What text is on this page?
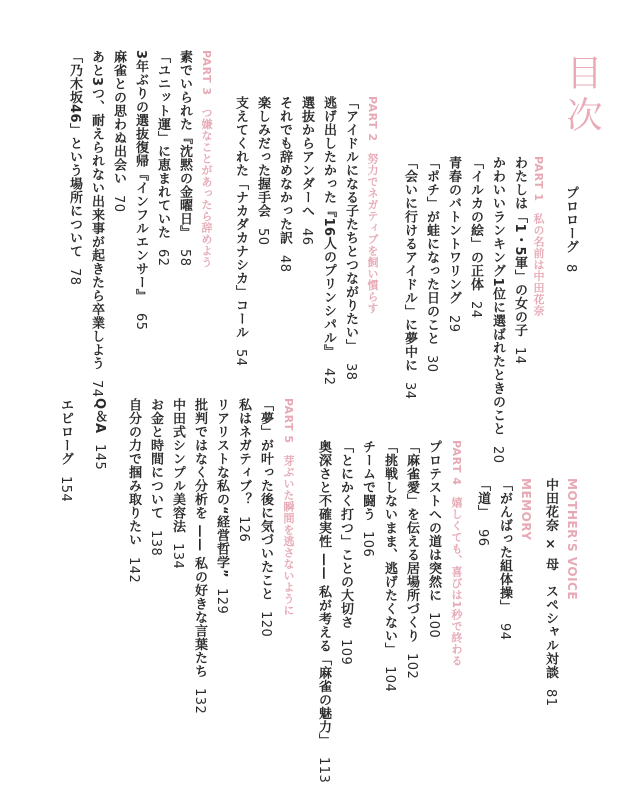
目次
プロローグ8
PART 1　私の名前は中田花奈
わたしは「1・5軍」の女の子14
かわいいランキング1位に選ばれたときのこと20
「イルカの絵」の正体24
青春のバトントワリング29
「ポチ」が蛙になった日のこと30
「会いに行けるアイドル」に夢中に34
PART 2　努力でネガティブを飼い慣らす
「アイドルになる子たちとつながりたい」38
逃げ出したかった『16人のプリンシパル』42
選抜からアンダーへ46
それでも辞めなかった訳48
楽しみだった握手会50
支えてくれた「ナカダカナシカ」コール54
PART 3　つ嫌なことがあったら辞めよう
素でいられた『沈黙の金曜日』58
「ユニット運」に恵まれていた62
3年ぶりの選抜復帰『インフルエンサー』65
麻雀との思わぬ出会い70
あと3つ、耐えられない出来事が起きたら卒業しよう74
「乃木坂46」という場所について78
MOTHER'S VOICE
中田花奈 × 母　スペシャル対談81
MEMORY
「がんばった組体操」94
「道」96
PART 4　嬉しくても、喜びは1秒で終わる
プロテストへの道は突然に100
「麻雀愛」を伝える居場所づくり102
「挑戦しないまま、逃げたくない」104
チームで闘う106
「とにかく打つ」ことの大切さ109
奥深さと不確実性 —— 私が考える「麻雀の魅力」113
PART 5　芽ぶいた瞬間を逃さないように
「夢」が叶った後に気づいたこと120
私はネガティブ？126
リアリストな私の“経営哲学”129
批判ではなく分析を —— 私の好きな言葉たち132
中田式シンプル美容法134
お金と時間について138
自分の力で掴み取りたい142
Q＆A145
エピローグ154
